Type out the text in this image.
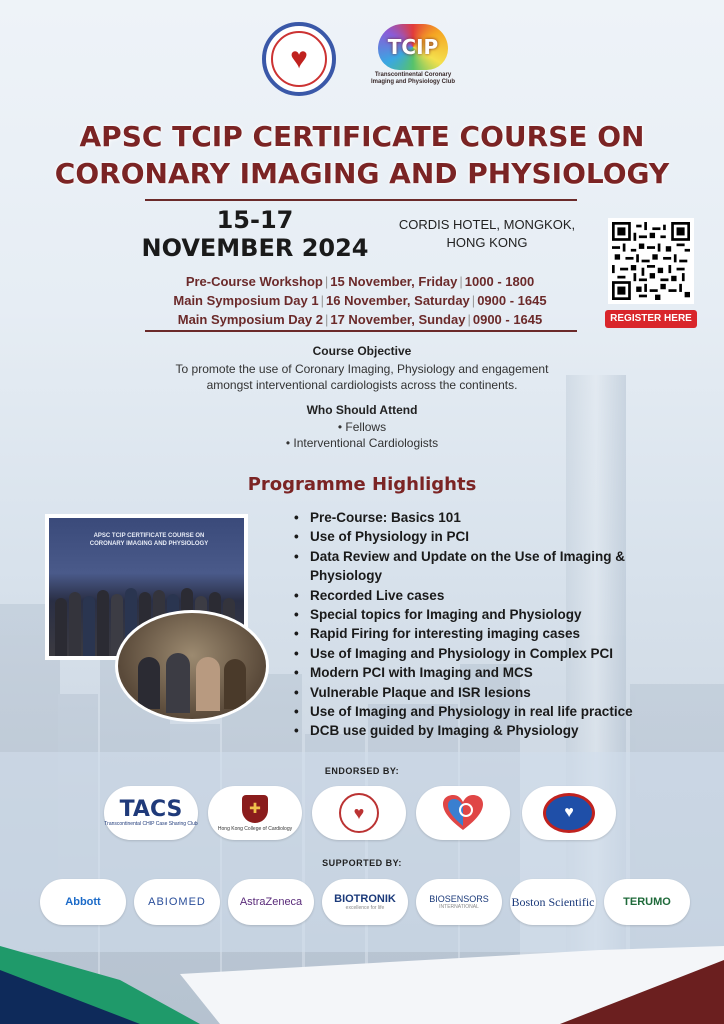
♥	TCIP
Transcontinental Coronary Imaging and Physiology Club
APSC TCIP CERTIFICATE COURSE ON
CORONARY IMAGING AND PHYSIOLOGY
15-17
NOVEMBER 2024
CORDIS HOTEL, MONGKOK,
HONG KONG
REGISTER HERE
Pre-Course Workshop | 15 November, Friday | 1000 - 1800
Main Symposium Day 1 | 16 November, Saturday | 0900 - 1645
Main Symposium Day 2 | 17 November, Sunday | 0900 - 1645
Course Objective
To promote the use of Coronary Imaging, Physiology and engagement
amongst interventional cardiologists across the continents.
Who Should Attend
• Fellows
• Interventional Cardiologists
Programme Highlights
APSC TCIP CERTIFICATE COURSE ON CORONARY IMAGING AND PHYSIOLOGY
• Pre-Course: Basics 101
• Use of Physiology in PCI
• Data Review and Update on the Use of Imaging & Physiology
• Recorded Live cases
• Special topics for Imaging and Physiology
• Rapid Firing for interesting imaging cases
• Use of Imaging and Physiology in Complex PCI
• Modern PCI with Imaging and MCS
• Vulnerable Plaque and ISR lesions
• Use of Imaging and Physiology in real life practice
• DCB use guided by Imaging & Physiology
ENDORSED BY:
TACS
Transcontinental CHIP Case Sharing Club
✚
Hong Kong College of Cardiology
♥	♥
SUPPORTED BY:
Abbott	ABIOMED	AstraZeneca	BIOTRONIK
excellence for life
BIOSENSORS
INTERNATIONAL	Boston Scientific	TERUMO
